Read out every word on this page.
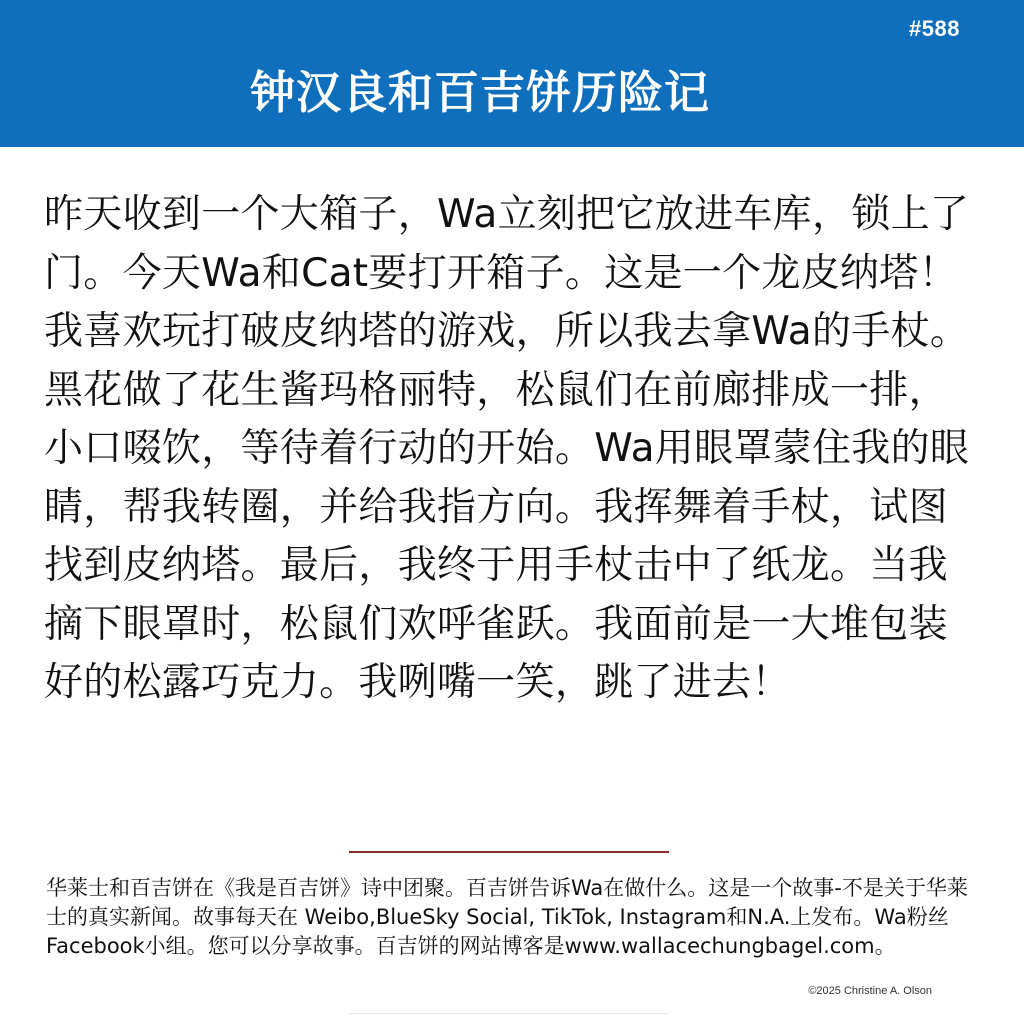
#588
钟汉良和百吉饼历险记

昨天收到一个大箱子，Wa立刻把它放进车库，锁上了门。今天Wa和Cat要打开箱子。这是一个龙皮纳塔！我喜欢玩打破皮纳塔的游戏，所以我去拿Wa的手杖。黑花做了花生酱玛格丽特，松鼠们在前廊排成一排，小口啜饮，等待着行动的开始。Wa用眼罩蒙住我的眼睛，帮我转圈，并给我指方向。我挥舞着手杖，试图找到皮纳塔。最后，我终于用手杖击中了纸龙。当我摘下眼罩时，松鼠们欢呼雀跃。我面前是一大堆包装好的松露巧克力。我咧嘴一笑，跳了进去！

华莱士和百吉饼在《我是百吉饼》诗中团聚。百吉饼告诉Wa在做什么。这是一个故事-不是关于华莱士的真实新闻。故事每天在 Weibo,BlueSky Social, TikTok, Instagram和N.A.上发布。Wa粉丝Facebook小组。您可以分享故事。百吉饼的网站博客是www.wallacechungbagel.com。

©2025 Christine A. Olson
